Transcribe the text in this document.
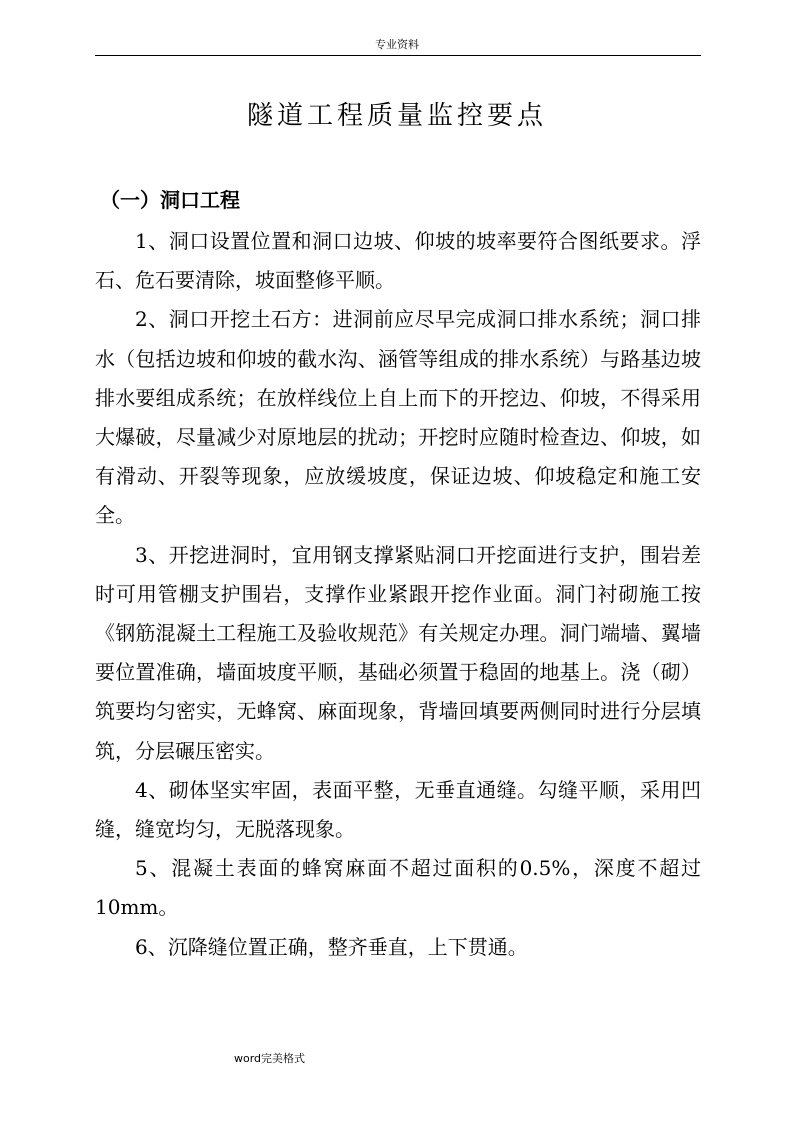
专业资料
隧道工程质量监控要点
（一）洞口工程

1、洞口设置位置和洞口边坡、仰坡的坡率要符合图纸要求。浮石、危石要清除，坡面整修平顺。

2、洞口开挖土石方：进洞前应尽早完成洞口排水系统；洞口排水（包括边坡和仰坡的截水沟、涵管等组成的排水系统）与路基边坡排水要组成系统；在放样线位上自上而下的开挖边、仰坡，不得采用大爆破，尽量减少对原地层的扰动；开挖时应随时检查边、仰坡，如有滑动、开裂等现象，应放缓坡度，保证边坡、仰坡稳定和施工安全。

3、开挖进洞时，宜用钢支撑紧贴洞口开挖面进行支护，围岩差时可用管棚支护围岩，支撑作业紧跟开挖作业面。洞门衬砌施工按《钢筋混凝土工程施工及验收规范》有关规定办理。洞门端墙、翼墙要位置准确，墙面坡度平顺，基础必须置于稳固的地基上。浇（砌）筑要均匀密实，无蜂窝、麻面现象，背墙回填要两侧同时进行分层填筑，分层碾压密实。

4、砌体坚实牢固，表面平整，无垂直通缝。勾缝平顺，采用凹缝，缝宽均匀，无脱落现象。

5、混凝土表面的蜂窝麻面不超过面积的0.5%，深度不超过10mm。

6、沉降缝位置正确，整齐垂直，上下贯通。

word完美格式
